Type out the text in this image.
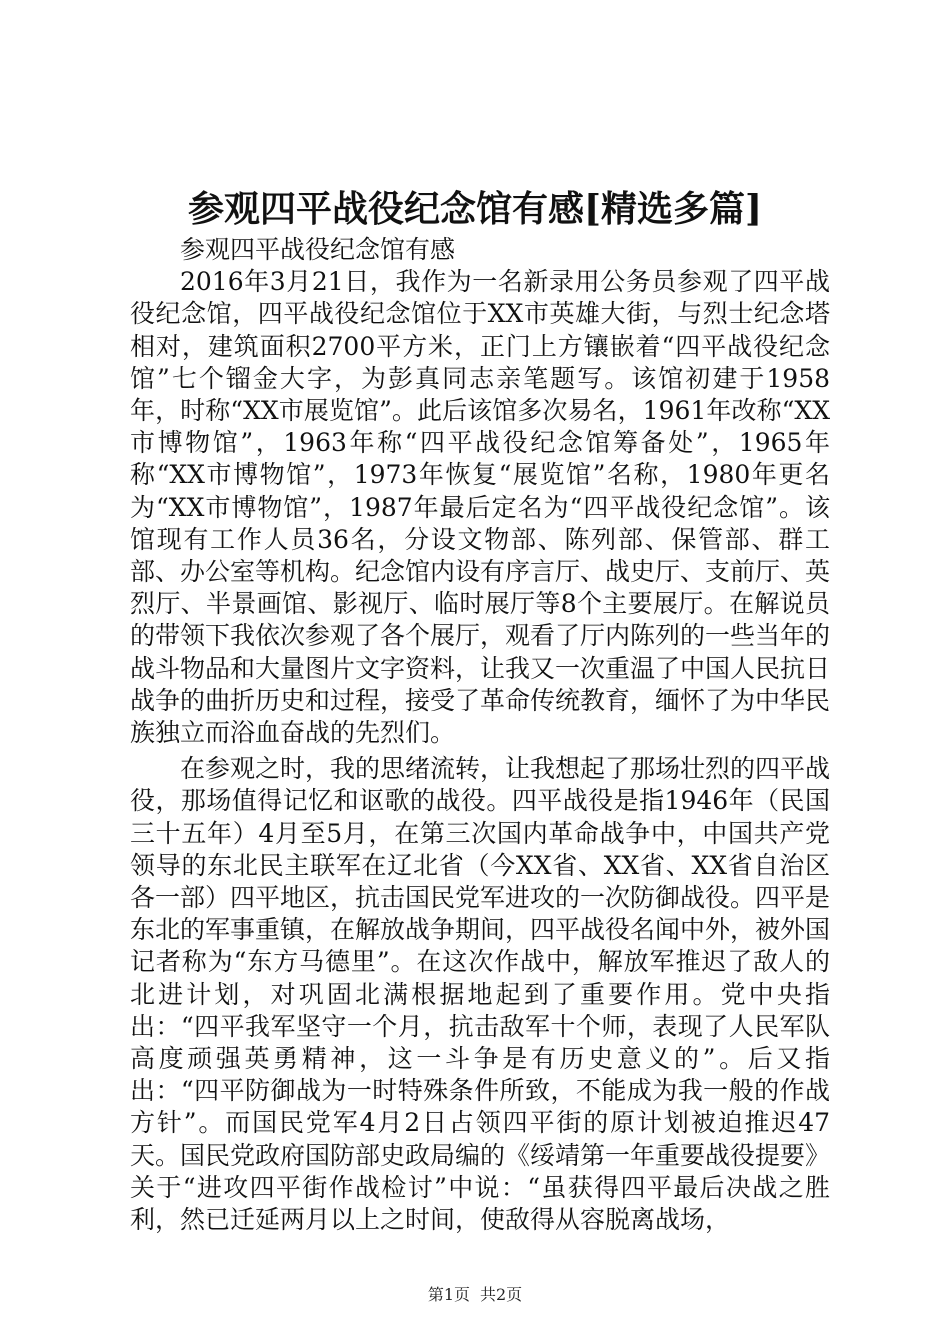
参观四平战役纪念馆有感[精选多篇]

参观四平战役纪念馆有感

2016年3月21日，我作为一名新录用公务员参观了四平战役纪念馆，四平战役纪念馆位于XX市英雄大街，与烈士纪念塔相对，建筑面积2700平方米，正门上方镶嵌着“四平战役纪念馆”七个镏金大字，为彭真同志亲笔题写。该馆初建于1958年，时称“XX市展览馆”。此后该馆多次易名，1961年改称“XX市博物馆”，1963年称“四平战役纪念馆筹备处”，1965年称“XX市博物馆”，1973年恢复“展览馆”名称，1980年更名为“XX市博物馆”，1987年最后定名为“四平战役纪念馆”。该馆现有工作人员36名，分设文物部、陈列部、保管部、群工部、办公室等机构。纪念馆内设有序言厅、战史厅、支前厅、英烈厅、半景画馆、影视厅、临时展厅等8个主要展厅。在解说员的带领下我依次参观了各个展厅，观看了厅内陈列的一些当年的战斗物品和大量图片文字资料，让我又一次重温了中国人民抗日战争的曲折历史和过程，接受了革命传统教育，缅怀了为中华民族独立而浴血奋战的先烈们。

在参观之时，我的思绪流转，让我想起了那场壮烈的四平战役，那场值得记忆和讴歌的战役。四平战役是指1946年（民国三十五年）4月至5月，在第三次国内革命战争中，中国共产党领导的东北民主联军在辽北省（今XX省、XX省、XX省自治区各一部）四平地区，抗击国民党军进攻的一次防御战役。四平是东北的军事重镇，在解放战争期间，四平战役名闻中外，被外国记者称为“东方马德里”。在这次作战中，解放军推迟了敌人的北进计划，对巩固北满根据地起到了重要作用。党中央指出：“四平我军坚守一个月，抗击敌军十个师，表现了人民军队高度顽强英勇精神，这一斗争是有历史意义的”。后又指出：“四平防御战为一时特殊条件所致，不能成为我一般的作战方针”。而国民党军4月2日占领四平街的原计划被迫推迟47天。国民党政府国防部史政局编的《绥靖第一年重要战役提要》关于“进攻四平街作战检讨”中说：“虽获得四平最后决战之胜利，然已迁延两月以上之时间，使敌得从容脱离战场，

第1页 共2页
